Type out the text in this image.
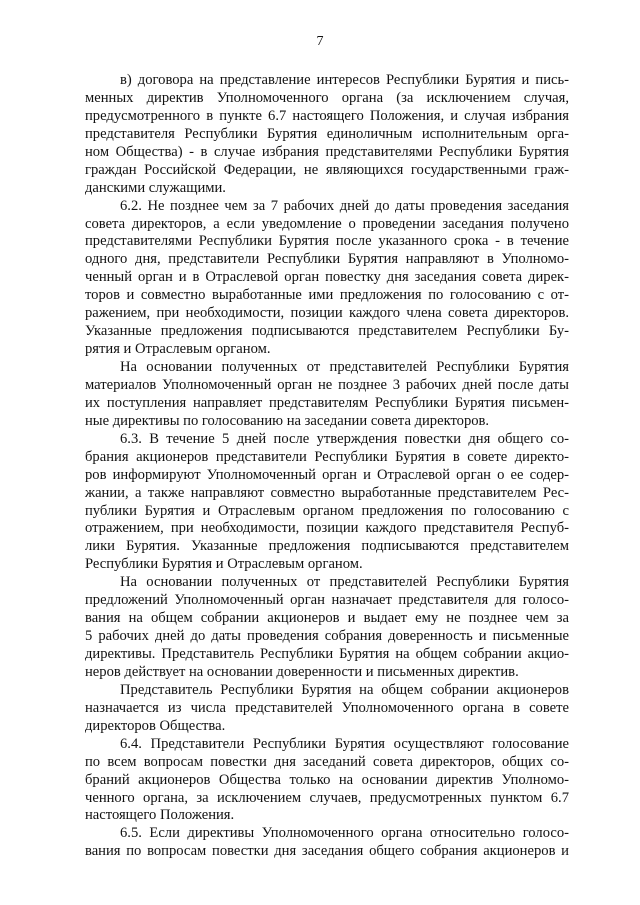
7
в) договора на представление интересов Республики Бурятия и пись-
менных директив Уполномоченного органа (за исключением случая,
предусмотренного в пункте 6.7 настоящего Положения, и случая избрания
представителя Республики Бурятия единоличным исполнительным орга-
ном Общества) - в случае избрания представителями Республики Бурятия
граждан Российской Федерации, не являющихся государственными граж-
данскими служащими.
6.2. Не позднее чем за 7 рабочих дней до даты проведения заседания
совета директоров, а если уведомление о проведении заседания получено
представителями Республики Бурятия после указанного срока - в течение
одного дня, представители Республики Бурятия направляют в Уполномо-
ченный орган и в Отраслевой орган повестку дня заседания совета дирек-
торов и совместно выработанные ими предложения по голосованию с от-
ражением, при необходимости, позиции каждого члена совета директоров.
Указанные предложения подписываются представителем Республики Бу-
рятия и Отраслевым органом.
На основании полученных от представителей Республики Бурятия
материалов Уполномоченный орган не позднее 3 рабочих дней после даты
их поступления направляет представителям Республики Бурятия письмен-
ные директивы по голосованию на заседании совета директоров.
6.3. В течение 5 дней после утверждения повестки дня общего со-
брания акционеров представители Республики Бурятия в совете директо-
ров информируют Уполномоченный орган и Отраслевой орган о ее содер-
жании, а также направляют совместно выработанные представителем Рес-
публики Бурятия и Отраслевым органом предложения по голосованию с
отражением, при необходимости, позиции каждого представителя Респуб-
лики Бурятия. Указанные предложения подписываются представителем
Республики Бурятия и Отраслевым органом.
На основании полученных от представителей Республики Бурятия
предложений Уполномоченный орган назначает представителя для голосо-
вания на общем собрании акционеров и выдает ему не позднее чем за
5 рабочих дней до даты проведения собрания доверенность и письменные
директивы. Представитель Республики Бурятия на общем собрании акцио-
неров действует на основании доверенности и письменных директив.
Представитель Республики Бурятия на общем собрании акционеров
назначается из числа представителей Уполномоченного органа в совете
директоров Общества.
6.4. Представители Республики Бурятия осуществляют голосование
по всем вопросам повестки дня заседаний совета директоров, общих со-
браний акционеров Общества только на основании директив Уполномо-
ченного органа, за исключением случаев, предусмотренных пунктом 6.7
настоящего Положения.
6.5. Если директивы Уполномоченного органа относительно голосо-
вания по вопросам повестки дня заседания общего собрания акционеров и
